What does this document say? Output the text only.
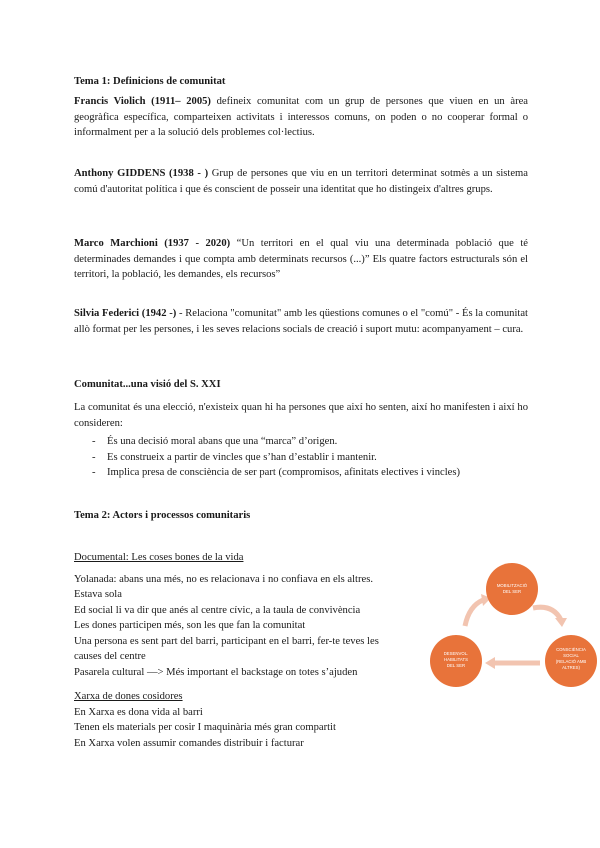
Tema 1: Definicions de comunitat

Francis Violich (1911– 2005) defineix comunitat com un grup de persones que viuen en un àrea geogràfica específica, comparteixen activitats i interessos comuns, on poden o no cooperar formal o informalment per a la solució dels problemes col·lectius.

Anthony GIDDENS (1938 - ) Grup de persones que viu en un territori determinat sotmès a un sistema comú d'autoritat política i que és conscient de posseir una identitat que ho distingeix d'altres grups.

Marco Marchioni (1937 - 2020) “Un territori en el qual viu una determinada població que té determinades demandes i que compta amb determinats recursos (...)” Els quatre factors estructurals són el territori, la població, les demandes, els recursos”

Silvia Federici (1942 -) - Relaciona "comunitat" amb les qüestions comunes o el "comú" - És la comunitat allò format per les persones, i les seves relacions socials de creació i suport mutu: acompanyament – cura.

Comunitat...una visió del S. XXI

La comunitat és una elecció, n'existeix quan hi ha persones que així ho senten, així ho manifesten i així ho consideren:

- És una decisió moral abans que una “marca” d’origen.
- Es construeix a partir de vincles que s’han d’establir i mantenir.
- Implica presa de consciència de ser part (compromisos, afinitats electives i vincles)
Tema 2: Actors i processos comunitaris
Documental: Les coses bones de la vida
Yolanada: abans una més, no es relacionava i no confiava en els altres.
Estava sola
Ed social li va dir que anés al centre cívic, a la taula de convivència
Les dones participen més, son les que fan la comunitat
Una persona es sent part del barri, participant en el barri, fer-te teves les
causes del centre
Pasarela cultural —> Més important el backstage on totes s’ajuden
Xarxa de dones cosidores
En Xarxa es dona vida al barri
Tenen els materials per cosir I maquinària més gran compartit
En Xarxa volen assumir comandes distribuir i facturar
MOBILITZACIÓ
DEL SER
CONSCIÈNCIA
SOCIAL
(RELACIÓ AMB
ALTRES)
DESENVOL.
HABILITATS
DEL SER
